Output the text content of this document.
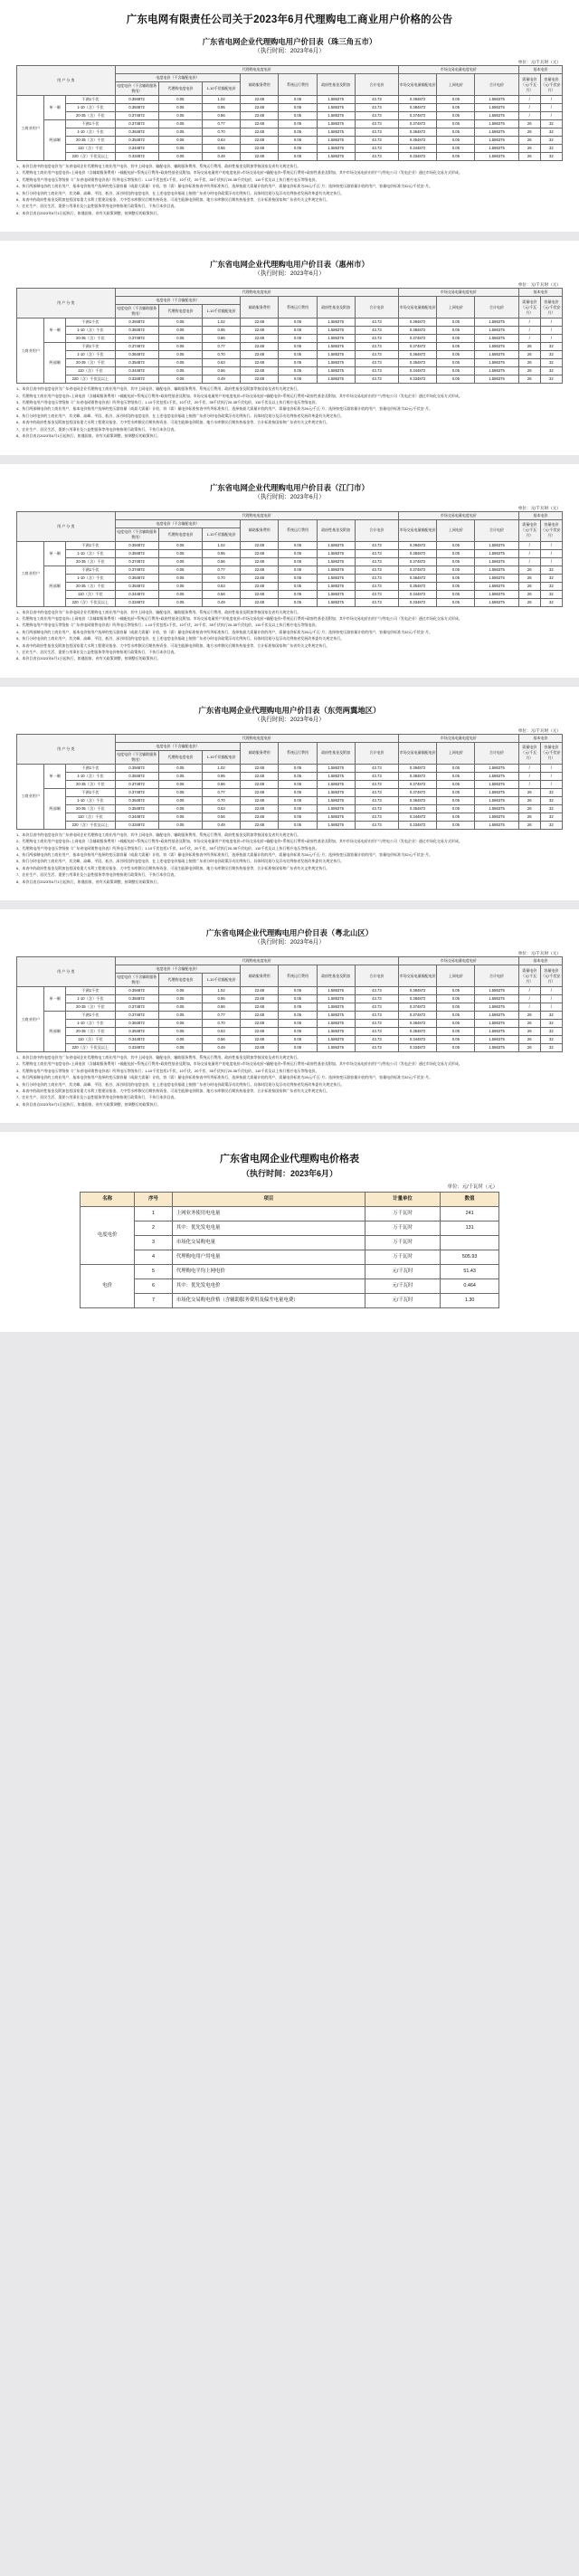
广东电网有限责任公司关于2023年6月代理购电工商业用户价格的公告
广东省电网企业代理购电用户价目表（珠三角五市）
（执行时间：2023年6月）
单位：元/千瓦时（元）
用 户 分 类			代理购电电度电价							市场交易电量电度电价			基本电价	
			电度电价（不含输配电价）			辅助服务费用	系统运行费用	政府性基金及附加	合计电价	市场交易电量输配电价	上网电价	合计电价	需量电价（元/千瓦·月）	容量电价（元/千伏安·月）
			电度电价（不含辅助服务费用）	代理购电度电价	1-10千伏输配电价									
工商业用户	单一制	不满1千伏	0.394872	0.05	1.02	22.68	0.05	1.586375	43.73	0.394872	0.05	1.586375	/	/
		1-10（含）千伏	0.384872	0.05	0.95	22.68	0.05	1.586375	43.73	0.384872	0.05	1.586375	/	/
		20-35（含）千伏	0.374872	0.05	0.86	22.68	0.05	1.586375	43.73	0.374872	0.05	1.586375	/	/
	两部制	不满1千伏	0.374872	0.05	0.77	22.68	0.05	1.586375	43.73	0.374872	0.05	1.586375	26	32
		1-10（含）千伏	0.364872	0.05	0.70	22.68	0.05	1.586375	43.73	0.364872	0.05	1.586375	26	32
		20-35（含）千伏	0.354872	0.05	0.63	22.68	0.05	1.586375	43.73	0.354872	0.05	1.586375	26	32
		110（含）千伏	0.344872	0.05	0.56	22.68	0.05	1.586375	43.73	0.344872	0.05	1.586375	26	32
		220（含）千伏及以上	0.334872	0.05	0.49	22.68	0.05	1.586375	43.73	0.334872	0.05	1.586375	26	32

1、本价目表中的电度电价为广东省电网企业代理购电工商业用户电价，其中上网电价、输配电价、辅助服务费用、系统运行费用、政府性基金及附加等按国家及省有关规定执行。

2、代理购电工商业用户电度电价=上网电价（含辅助服务费用）+输配电价+系统运行费用+政府性基金及附加。市场交易电量用户的电度电价=市场交易电价+输配电价+系统运行费用+政府性基金及附加，其中市场交易电价由用户与售电公司（发电企业）通过市场化交易方式形成。

3、代理购电用户用电电压等级按《广东省电网销售电价表》所列电压等级执行；1-10千伏包括1千伏、10千伏，20千伏、35千伏执行20-35千伏电价，110千伏及以上执行相应电压等级电价。

4、执行两部制电价的工商业用户，基本电价按用户选择的变压器容量（或最大需量）计收，容（需）量电价标准按表中所列标准执行，选择按最大需量计收的用户，需量电价标准为26元/千瓦·月；选择按变压器容量计收的用户，容量电价标准为32元/千伏安·月。

5、执行分时电价的工商业用户，其尖峰、高峰、平段、低谷、深谷时段的电度电价，在上述电度电价基础上按照广东省分时电价政策浮动比例执行。具体时段划分及浮动比例按省发展改革委有关规定执行。

6、本表中的政府性基金及附加包括国家重大水利工程建设基金、大中型水库移民后期扶持资金、可再生能源电价附加、地方水库移民后期扶持基金等，合计标准按国家和广东省有关文件规定执行。

7、农业生产、居民生活、重要公用事业及公益性服务等用电价格按现行政策执行，不执行本价目表。

8、本价目表自2023年6月1日起执行，如遇国家、省有关政策调整，按调整后的政策执行。

广东省电网企业代理购电用户价目表（惠州市）
（执行时间：2023年6月）
单位：元/千瓦时（元）
用 户 分 类			代理购电电度电价							市场交易电量电度电价			基本电价	
			电度电价（不含输配电价）			辅助服务费用	系统运行费用	政府性基金及附加	合计电价	市场交易电量输配电价	上网电价	合计电价	需量电价（元/千瓦·月）	容量电价（元/千伏安·月）
			电度电价（不含辅助服务费用）	代理购电度电价	1-10千伏输配电价									
工商业用户	单一制	不满1千伏	0.394872	0.05	1.02	22.68	0.05	1.586375	43.73	0.394872	0.05	1.586375	/	/
		1-10（含）千伏	0.384872	0.05	0.95	22.68	0.05	1.586375	43.73	0.384872	0.05	1.586375	/	/
		20-35（含）千伏	0.374872	0.05	0.86	22.68	0.05	1.586375	43.73	0.374872	0.05	1.586375	/	/
	两部制	不满1千伏	0.374872	0.05	0.77	22.68	0.05	1.586375	43.73	0.374872	0.05	1.586375	26	32
		1-10（含）千伏	0.364872	0.05	0.70	22.68	0.05	1.586375	43.73	0.364872	0.05	1.586375	26	32
		20-35（含）千伏	0.354872	0.05	0.63	22.68	0.05	1.586375	43.73	0.354872	0.05	1.586375	26	32
		110（含）千伏	0.344872	0.05	0.56	22.68	0.05	1.586375	43.73	0.344872	0.05	1.586375	26	32
		220（含）千伏及以上	0.334872	0.05	0.49	22.68	0.05	1.586375	43.73	0.334872	0.05	1.586375	26	32

1、本价目表中的电度电价为广东省电网企业代理购电工商业用户电价，其中上网电价、输配电价、辅助服务费用、系统运行费用、政府性基金及附加等按国家及省有关规定执行。

2、代理购电工商业用户电度电价=上网电价（含辅助服务费用）+输配电价+系统运行费用+政府性基金及附加。市场交易电量用户的电度电价=市场交易电价+输配电价+系统运行费用+政府性基金及附加，其中市场交易电价由用户与售电公司（发电企业）通过市场化交易方式形成。

3、代理购电用户用电电压等级按《广东省电网销售电价表》所列电压等级执行；1-10千伏包括1千伏、10千伏，20千伏、35千伏执行20-35千伏电价，110千伏及以上执行相应电压等级电价。

4、执行两部制电价的工商业用户，基本电价按用户选择的变压器容量（或最大需量）计收，容（需）量电价标准按表中所列标准执行，选择按最大需量计收的用户，需量电价标准为26元/千瓦·月；选择按变压器容量计收的用户，容量电价标准为32元/千伏安·月。

5、执行分时电价的工商业用户，其尖峰、高峰、平段、低谷、深谷时段的电度电价，在上述电度电价基础上按照广东省分时电价政策浮动比例执行。具体时段划分及浮动比例按省发展改革委有关规定执行。

6、本表中的政府性基金及附加包括国家重大水利工程建设基金、大中型水库移民后期扶持资金、可再生能源电价附加、地方水库移民后期扶持基金等，合计标准按国家和广东省有关文件规定执行。

7、农业生产、居民生活、重要公用事业及公益性服务等用电价格按现行政策执行，不执行本价目表。

8、本价目表自2023年6月1日起执行，如遇国家、省有关政策调整，按调整后的政策执行。

广东省电网企业代理购电用户价目表（江门市）
（执行时间：2023年6月）
单位：元/千瓦时（元）
用 户 分 类			代理购电电度电价							市场交易电量电度电价			基本电价	
			电度电价（不含输配电价）			辅助服务费用	系统运行费用	政府性基金及附加	合计电价	市场交易电量输配电价	上网电价	合计电价	需量电价（元/千瓦·月）	容量电价（元/千伏安·月）
			电度电价（不含辅助服务费用）	代理购电度电价	1-10千伏输配电价									
工商业用户	单一制	不满1千伏	0.394872	0.05	1.02	22.68	0.05	1.586375	43.73	0.394872	0.05	1.586375	/	/
		1-10（含）千伏	0.384872	0.05	0.95	22.68	0.05	1.586375	43.73	0.384872	0.05	1.586375	/	/
		20-35（含）千伏	0.374872	0.05	0.86	22.68	0.05	1.586375	43.73	0.374872	0.05	1.586375	/	/
	两部制	不满1千伏	0.374872	0.05	0.77	22.68	0.05	1.586375	43.73	0.374872	0.05	1.586375	26	32
		1-10（含）千伏	0.364872	0.05	0.70	22.68	0.05	1.586375	43.73	0.364872	0.05	1.586375	26	32
		20-35（含）千伏	0.354872	0.05	0.63	22.68	0.05	1.586375	43.73	0.354872	0.05	1.586375	26	32
		110（含）千伏	0.344872	0.05	0.56	22.68	0.05	1.586375	43.73	0.344872	0.05	1.586375	26	32
		220（含）千伏及以上	0.334872	0.05	0.49	22.68	0.05	1.586375	43.73	0.334872	0.05	1.586375	26	32

1、本价目表中的电度电价为广东省电网企业代理购电工商业用户电价，其中上网电价、输配电价、辅助服务费用、系统运行费用、政府性基金及附加等按国家及省有关规定执行。

2、代理购电工商业用户电度电价=上网电价（含辅助服务费用）+输配电价+系统运行费用+政府性基金及附加。市场交易电量用户的电度电价=市场交易电价+输配电价+系统运行费用+政府性基金及附加，其中市场交易电价由用户与售电公司（发电企业）通过市场化交易方式形成。

3、代理购电用户用电电压等级按《广东省电网销售电价表》所列电压等级执行；1-10千伏包括1千伏、10千伏，20千伏、35千伏执行20-35千伏电价，110千伏及以上执行相应电压等级电价。

4、执行两部制电价的工商业用户，基本电价按用户选择的变压器容量（或最大需量）计收，容（需）量电价标准按表中所列标准执行，选择按最大需量计收的用户，需量电价标准为26元/千瓦·月；选择按变压器容量计收的用户，容量电价标准为32元/千伏安·月。

5、执行分时电价的工商业用户，其尖峰、高峰、平段、低谷、深谷时段的电度电价，在上述电度电价基础上按照广东省分时电价政策浮动比例执行。具体时段划分及浮动比例按省发展改革委有关规定执行。

6、本表中的政府性基金及附加包括国家重大水利工程建设基金、大中型水库移民后期扶持资金、可再生能源电价附加、地方水库移民后期扶持基金等，合计标准按国家和广东省有关文件规定执行。

7、农业生产、居民生活、重要公用事业及公益性服务等用电价格按现行政策执行，不执行本价目表。

8、本价目表自2023年6月1日起执行，如遇国家、省有关政策调整，按调整后的政策执行。

广东省电网企业代理购电用户价目表（东莞两翼地区）
（执行时间：2023年6月）
单位：元/千瓦时（元）
用 户 分 类			代理购电电度电价							市场交易电量电度电价			基本电价	
			电度电价（不含输配电价）			辅助服务费用	系统运行费用	政府性基金及附加	合计电价	市场交易电量输配电价	上网电价	合计电价	需量电价（元/千瓦·月）	容量电价（元/千伏安·月）
			电度电价（不含辅助服务费用）	代理购电度电价	1-10千伏输配电价									
工商业用户	单一制	不满1千伏	0.394872	0.05	1.02	22.68	0.05	1.586375	43.73	0.394872	0.05	1.586375	/	/
		1-10（含）千伏	0.384872	0.05	0.95	22.68	0.05	1.586375	43.73	0.384872	0.05	1.586375	/	/
		20-35（含）千伏	0.374872	0.05	0.86	22.68	0.05	1.586375	43.73	0.374872	0.05	1.586375	/	/
	两部制	不满1千伏	0.374872	0.05	0.77	22.68	0.05	1.586375	43.73	0.374872	0.05	1.586375	26	32
		1-10（含）千伏	0.364872	0.05	0.70	22.68	0.05	1.586375	43.73	0.364872	0.05	1.586375	26	32
		20-35（含）千伏	0.354872	0.05	0.63	22.68	0.05	1.586375	43.73	0.354872	0.05	1.586375	26	32
		110（含）千伏	0.344872	0.05	0.56	22.68	0.05	1.586375	43.73	0.344872	0.05	1.586375	26	32
		220（含）千伏及以上	0.334872	0.05	0.49	22.68	0.05	1.586375	43.73	0.334872	0.05	1.586375	26	32

1、本价目表中的电度电价为广东省电网企业代理购电工商业用户电价，其中上网电价、输配电价、辅助服务费用、系统运行费用、政府性基金及附加等按国家及省有关规定执行。

2、代理购电工商业用户电度电价=上网电价（含辅助服务费用）+输配电价+系统运行费用+政府性基金及附加。市场交易电量用户的电度电价=市场交易电价+输配电价+系统运行费用+政府性基金及附加，其中市场交易电价由用户与售电公司（发电企业）通过市场化交易方式形成。

3、代理购电用户用电电压等级按《广东省电网销售电价表》所列电压等级执行；1-10千伏包括1千伏、10千伏，20千伏、35千伏执行20-35千伏电价，110千伏及以上执行相应电压等级电价。

4、执行两部制电价的工商业用户，基本电价按用户选择的变压器容量（或最大需量）计收，容（需）量电价标准按表中所列标准执行，选择按最大需量计收的用户，需量电价标准为26元/千瓦·月；选择按变压器容量计收的用户，容量电价标准为32元/千伏安·月。

5、执行分时电价的工商业用户，其尖峰、高峰、平段、低谷、深谷时段的电度电价，在上述电度电价基础上按照广东省分时电价政策浮动比例执行。具体时段划分及浮动比例按省发展改革委有关规定执行。

6、本表中的政府性基金及附加包括国家重大水利工程建设基金、大中型水库移民后期扶持资金、可再生能源电价附加、地方水库移民后期扶持基金等，合计标准按国家和广东省有关文件规定执行。

7、农业生产、居民生活、重要公用事业及公益性服务等用电价格按现行政策执行，不执行本价目表。

8、本价目表自2023年6月1日起执行，如遇国家、省有关政策调整，按调整后的政策执行。

广东省电网企业代理购电用户价目表（粤北山区）
（执行时间：2023年6月）
单位：元/千瓦时（元）
用 户 分 类			代理购电电度电价							市场交易电量电度电价			基本电价	
			电度电价（不含输配电价）			辅助服务费用	系统运行费用	政府性基金及附加	合计电价	市场交易电量输配电价	上网电价	合计电价	需量电价（元/千瓦·月）	容量电价（元/千伏安·月）
			电度电价（不含辅助服务费用）	代理购电度电价	1-10千伏输配电价									
工商业用户	单一制	不满1千伏	0.394872	0.05	1.02	22.68	0.05	1.586375	43.73	0.394872	0.05	1.586375	/	/
		1-10（含）千伏	0.384872	0.05	0.95	22.68	0.05	1.586375	43.73	0.384872	0.05	1.586375	/	/
		20-35（含）千伏	0.374872	0.05	0.86	22.68	0.05	1.586375	43.73	0.374872	0.05	1.586375	/	/
	两部制	不满1千伏	0.374872	0.05	0.77	22.68	0.05	1.586375	43.73	0.374872	0.05	1.586375	26	32
		1-10（含）千伏	0.364872	0.05	0.70	22.68	0.05	1.586375	43.73	0.364872	0.05	1.586375	26	32
		20-35（含）千伏	0.354872	0.05	0.63	22.68	0.05	1.586375	43.73	0.354872	0.05	1.586375	26	32
		110（含）千伏	0.344872	0.05	0.56	22.68	0.05	1.586375	43.73	0.344872	0.05	1.586375	26	32
		220（含）千伏及以上	0.334872	0.05	0.49	22.68	0.05	1.586375	43.73	0.334872	0.05	1.586375	26	32

1、本价目表中的电度电价为广东省电网企业代理购电工商业用户电价，其中上网电价、输配电价、辅助服务费用、系统运行费用、政府性基金及附加等按国家及省有关规定执行。

2、代理购电工商业用户电度电价=上网电价（含辅助服务费用）+输配电价+系统运行费用+政府性基金及附加。市场交易电量用户的电度电价=市场交易电价+输配电价+系统运行费用+政府性基金及附加，其中市场交易电价由用户与售电公司（发电企业）通过市场化交易方式形成。

3、代理购电用户用电电压等级按《广东省电网销售电价表》所列电压等级执行；1-10千伏包括1千伏、10千伏，20千伏、35千伏执行20-35千伏电价，110千伏及以上执行相应电压等级电价。

4、执行两部制电价的工商业用户，基本电价按用户选择的变压器容量（或最大需量）计收，容（需）量电价标准按表中所列标准执行，选择按最大需量计收的用户，需量电价标准为26元/千瓦·月；选择按变压器容量计收的用户，容量电价标准为32元/千伏安·月。

5、执行分时电价的工商业用户，其尖峰、高峰、平段、低谷、深谷时段的电度电价，在上述电度电价基础上按照广东省分时电价政策浮动比例执行。具体时段划分及浮动比例按省发展改革委有关规定执行。

6、本表中的政府性基金及附加包括国家重大水利工程建设基金、大中型水库移民后期扶持资金、可再生能源电价附加、地方水库移民后期扶持基金等，合计标准按国家和广东省有关文件规定执行。

7、农业生产、居民生活、重要公用事业及公益性服务等用电价格按现行政策执行，不执行本价目表。

8、本价目表自2023年6月1日起执行，如遇国家、省有关政策调整，按调整后的政策执行。

广东省电网企业代理购电价格表
（执行时间：2023年6月）
单位：元/千瓦时（元）
名称	序号	项目	计量单位	数值
电度电价	1	上网业务使用电电量	万千瓦时	241
	2	其中：优先发电电量	万千瓦时	131
	3	市场化交易购电量	万千瓦时	
	4	代理购电用户用电量	万千瓦时	505.93
电价	5	代理购电平均上网电价	元/千瓦时	51.43
	6	其中：优先发电电价	元/千瓦时	0.464
	7	市场化交易购电价格（含辅助服务费用及偏差电量电费）	元/千瓦时	1.30
